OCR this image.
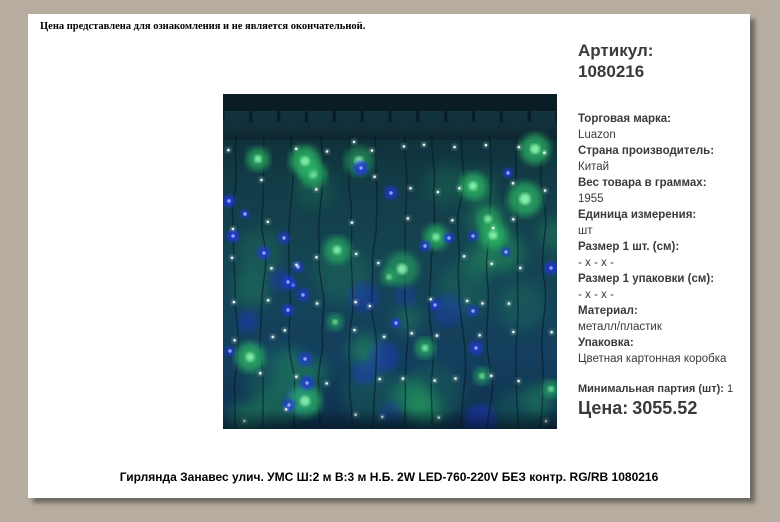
Цена представлена для ознакомления и не является окончательной.
Артикул:
1080216
Торговая марка:
Luazon
Страна производитель:
Китай
Вес товара в граммах:
1955
Единица измерения:
шт
Размер 1 шт. (см):
- х - х -
Размер 1 упаковки (см):
- х - х -
Материал:
металл/пластик
Упаковка:
Цветная картонная коробка
Минимальная партия (шт): 1
Цена: 3055.52
Гирлянда Занавес улич. УМС Ш:2 м В:3 м Н.Б. 2W LED-760-220V БЕЗ контр. RG/RB 1080216
